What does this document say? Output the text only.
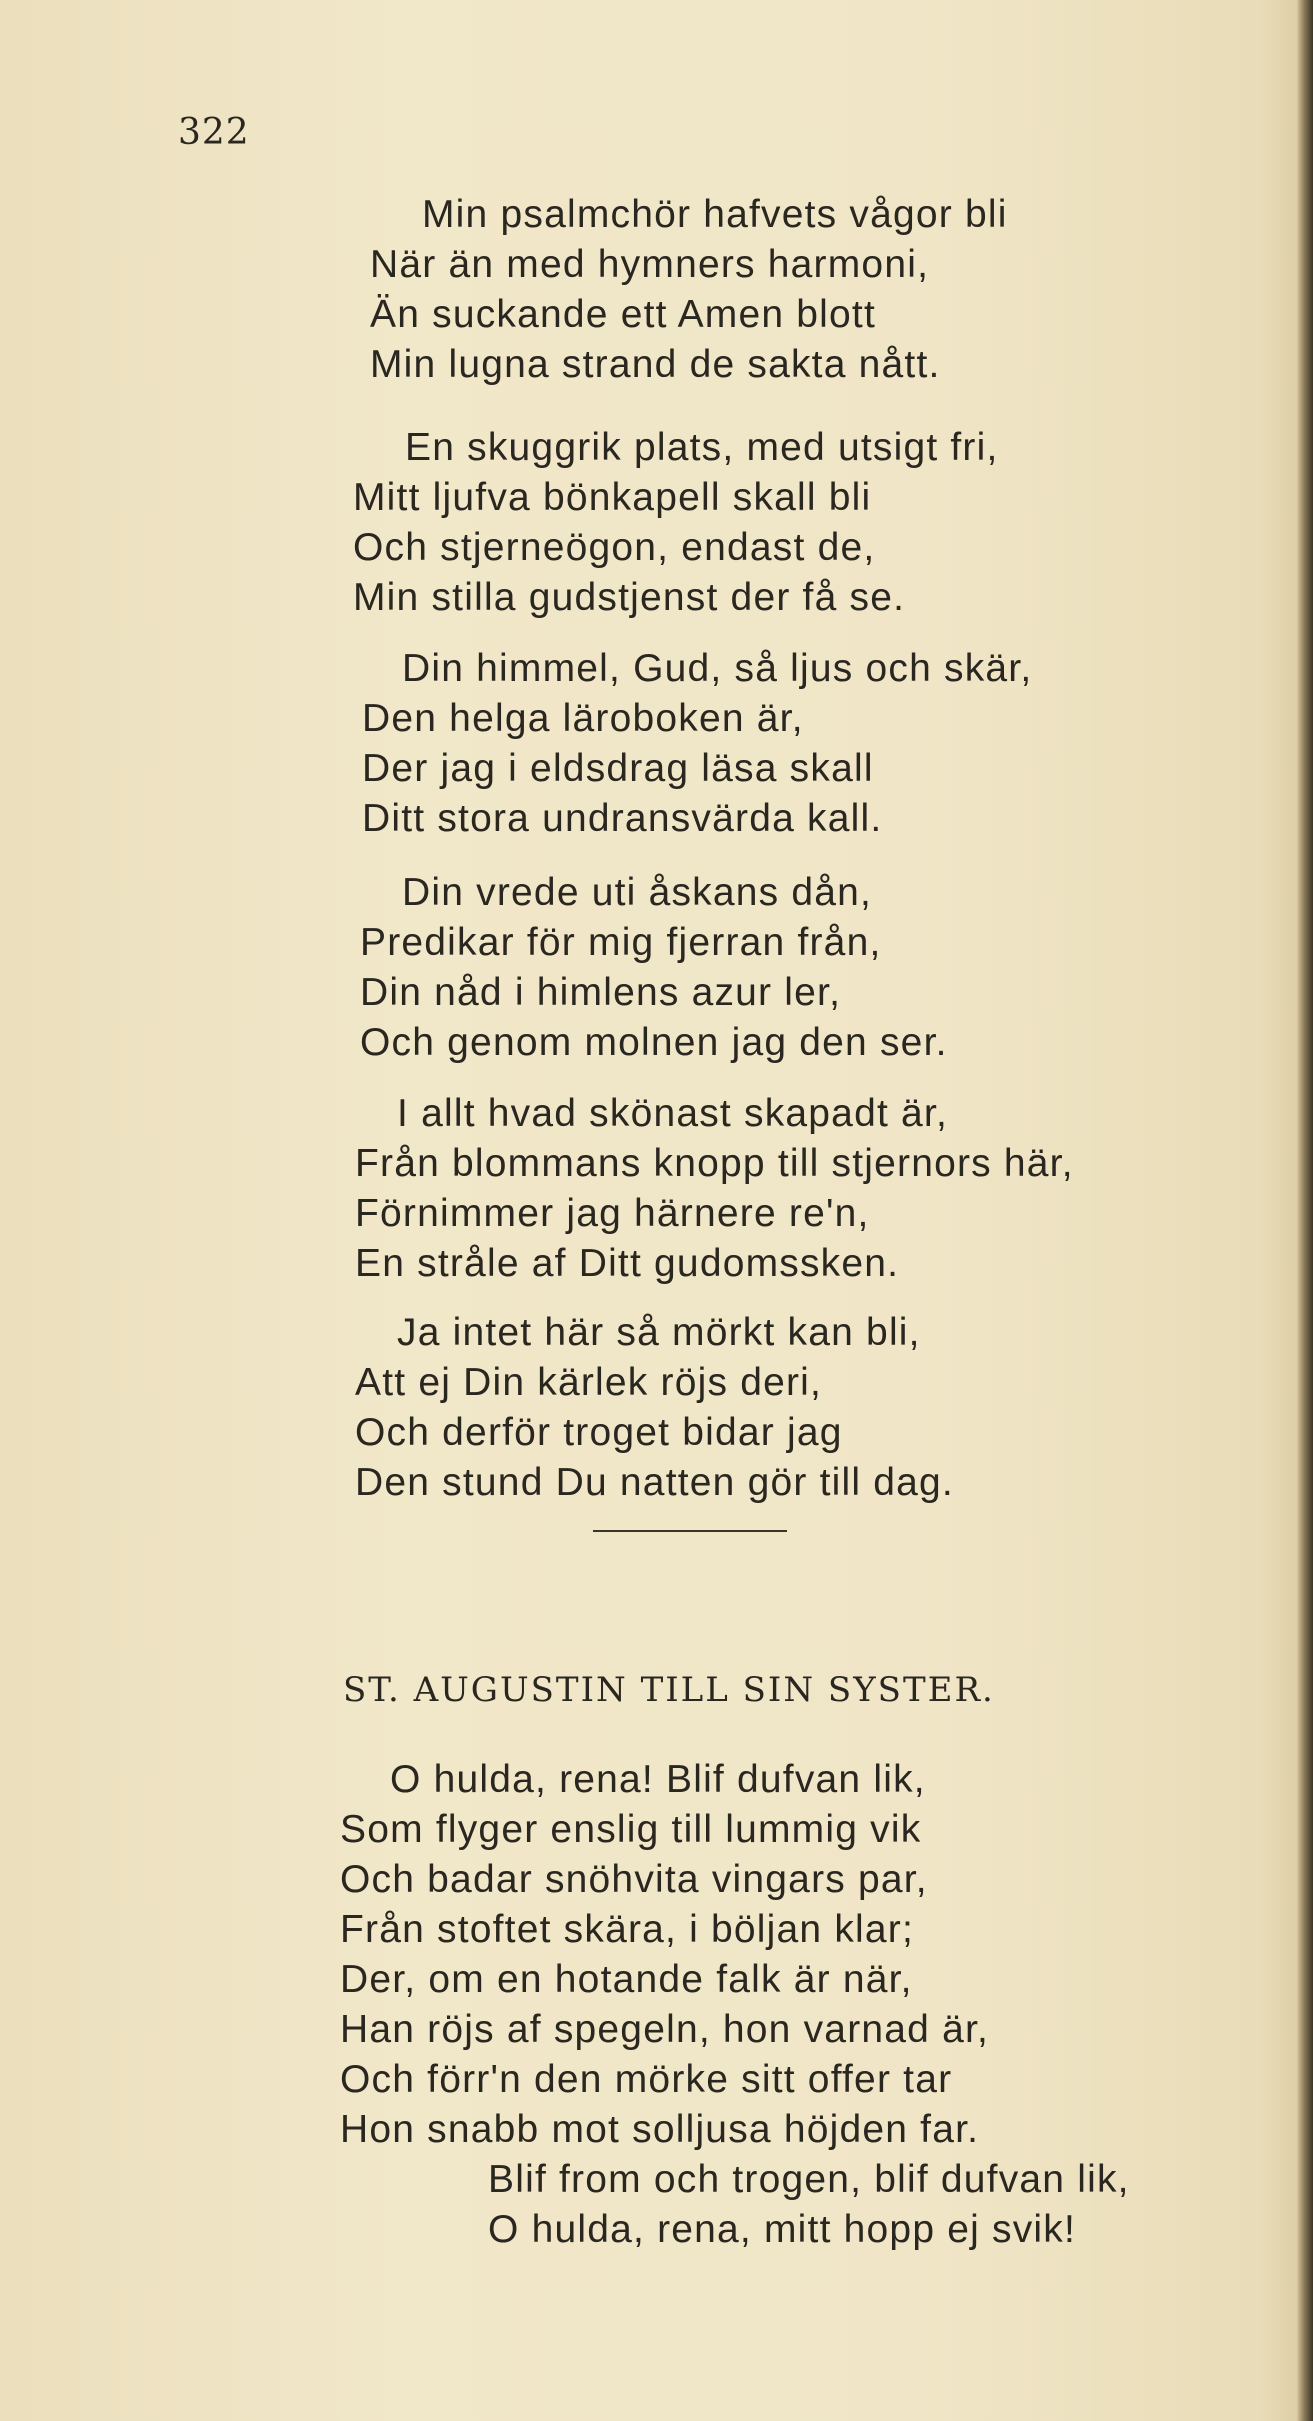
322
Min psalmchör hafvets vågor bli
När än med hymners harmoni,
Än suckande ett Amen blott
Min lugna strand de sakta nått.
En skuggrik plats, med utsigt fri,
Mitt ljufva bönkapell skall bli
Och stjerneögon, endast de,
Min stilla gudstjenst der få se.
Din himmel, Gud, så ljus och skär,
Den helga läroboken är,
Der jag i eldsdrag läsa skall
Ditt stora undransvärda kall.
Din vrede uti åskans dån,
Predikar för mig fjerran från,
Din nåd i himlens azur ler,
Och genom molnen jag den ser.
I allt hvad skönast skapadt är,
Från blommans knopp till stjernors här,
Förnimmer jag härnere re'n,
En stråle af Ditt gudomssken.
Ja intet här så mörkt kan bli,
Att ej Din kärlek röjs deri,
Och derför troget bidar jag
Den stund Du natten gör till dag.
ST. AUGUSTIN TILL SIN SYSTER.
O hulda, rena! Blif dufvan lik,
Som flyger enslig till lummig vik
Och badar snöhvita vingars par,
Från stoftet skära, i böljan klar;
Der, om en hotande falk är när,
Han röjs af spegeln, hon varnad är,
Och förr'n den mörke sitt offer tar
Hon snabb mot solljusa höjden far.
Blif from och trogen, blif dufvan lik,
O hulda, rena, mitt hopp ej svik!
